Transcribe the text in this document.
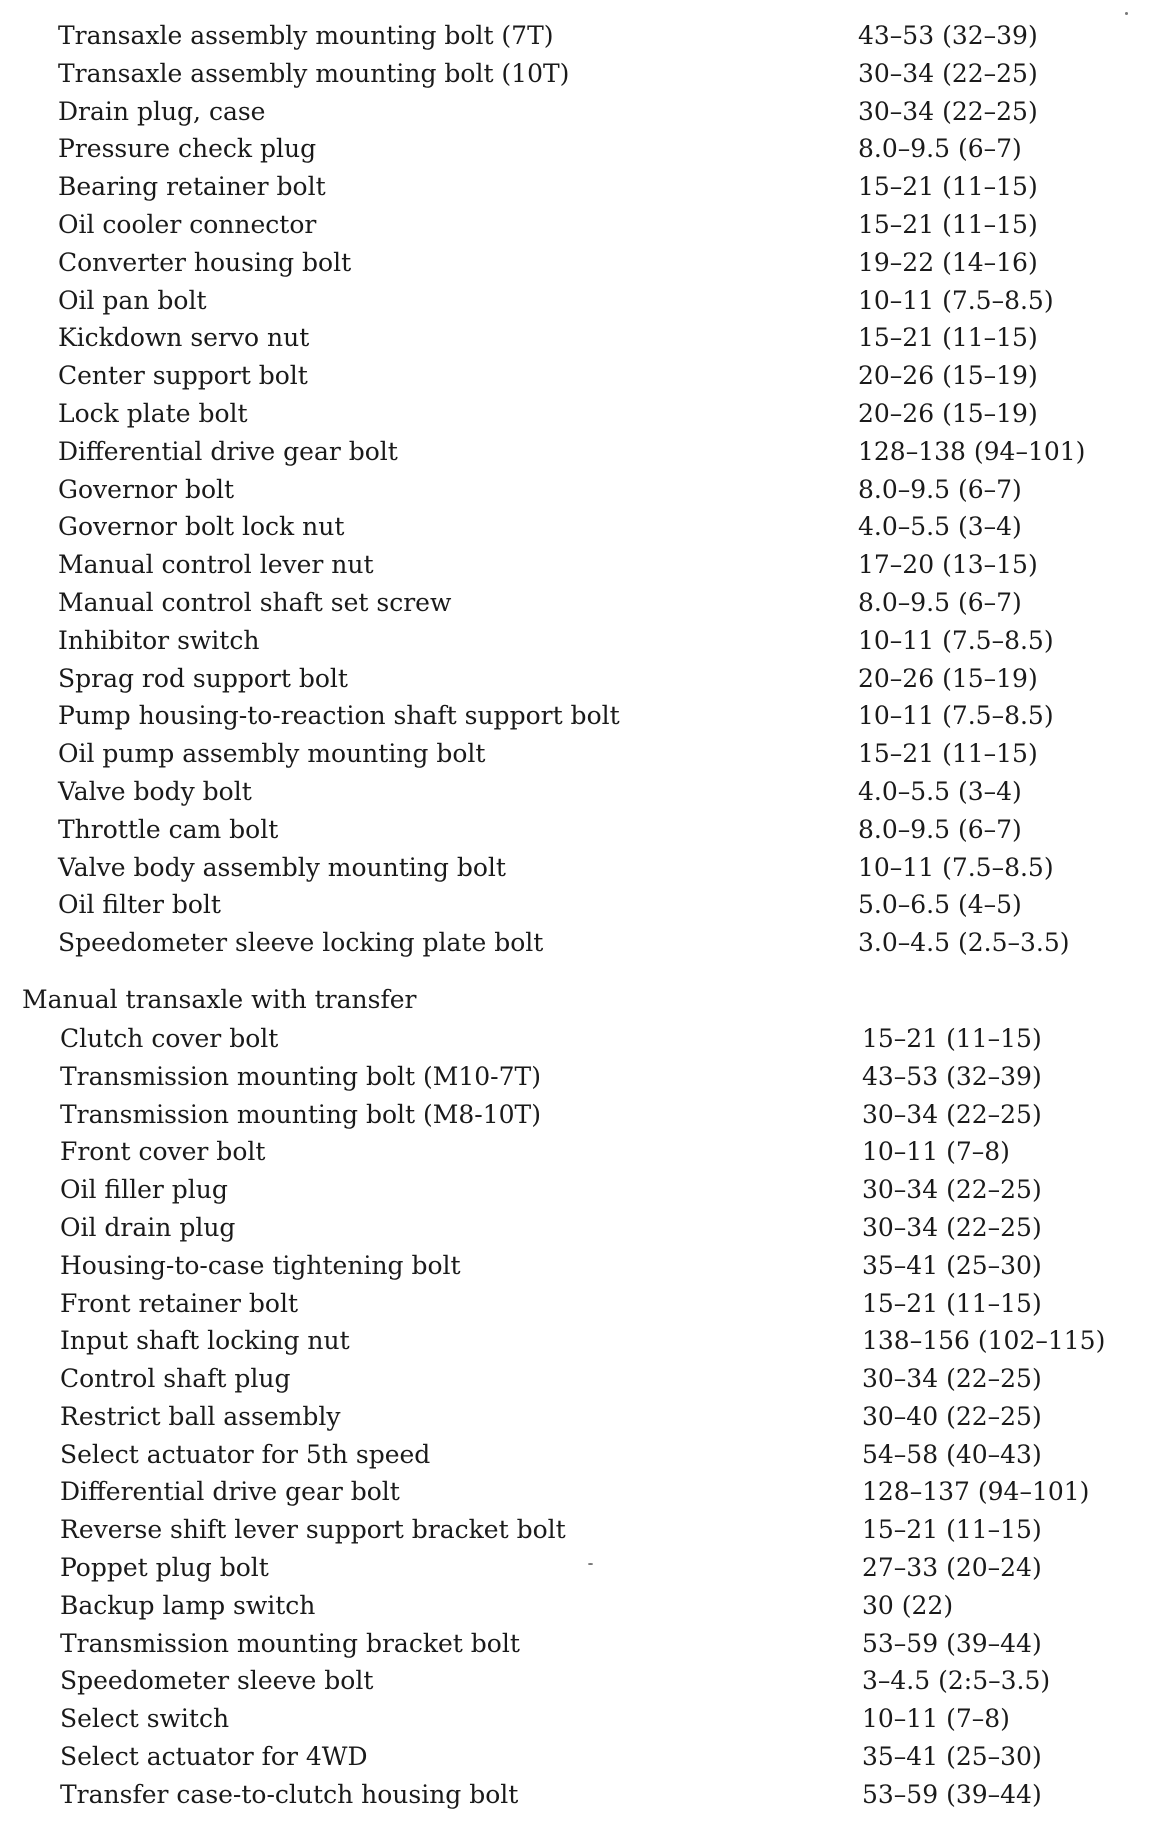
Transaxle assembly mounting bolt (7T)	43–53 (32–39)
Transaxle assembly mounting bolt (10T)	30–34 (22–25)
Drain plug, case	30–34 (22–25)
Pressure check plug	8.0–9.5 (6–7)
Bearing retainer bolt	15–21 (11–15)
Oil cooler connector	15–21 (11–15)
Converter housing bolt	19–22 (14–16)
Oil pan bolt	10–11 (7.5–8.5)
Kickdown servo nut	15–21 (11–15)
Center support bolt	20–26 (15–19)
Lock plate bolt	20–26 (15–19)
Differential drive gear bolt	128–138 (94–101)
Governor bolt	8.0–9.5 (6–7)
Governor bolt lock nut	4.0–5.5 (3–4)
Manual control lever nut	17–20 (13–15)
Manual control shaft set screw	8.0–9.5 (6–7)
Inhibitor switch	10–11 (7.5–8.5)
Sprag rod support bolt	20–26 (15–19)
Pump housing-to-reaction shaft support bolt	10–11 (7.5–8.5)
Oil pump assembly mounting bolt	15–21 (11–15)
Valve body bolt	4.0–5.5 (3–4)
Throttle cam bolt	8.0–9.5 (6–7)
Valve body assembly mounting bolt	10–11 (7.5–8.5)
Oil filter bolt	5.0–6.5 (4–5)
Speedometer sleeve locking plate bolt	3.0–4.5 (2.5–3.5)
Manual transaxle with transfer
Clutch cover bolt	15–21 (11–15)
Transmission mounting bolt (M10-7T)	43–53 (32–39)
Transmission mounting bolt (M8-10T)	30–34 (22–25)
Front cover bolt	10–11 (7–8)
Oil filler plug	30–34 (22–25)
Oil drain plug	30–34 (22–25)
Housing-to-case tightening bolt	35–41 (25–30)
Front retainer bolt	15–21 (11–15)
Input shaft locking nut	138–156 (102–115)
Control shaft plug	30–34 (22–25)
Restrict ball assembly	30–40 (22–25)
Select actuator for 5th speed	54–58 (40–43)
Differential drive gear bolt	128–137 (94–101)
Reverse shift lever support bracket bolt	15–21 (11–15)
Poppet plug bolt	27–33 (20–24)
Backup lamp switch	30 (22)
Transmission mounting bracket bolt	53–59 (39–44)
Speedometer sleeve bolt	3–4.5 (2:5–3.5)
Select switch	10–11 (7–8)
Select actuator for 4WD	35–41 (25–30)
Transfer case-to-clutch housing bolt	53–59 (39–44)
